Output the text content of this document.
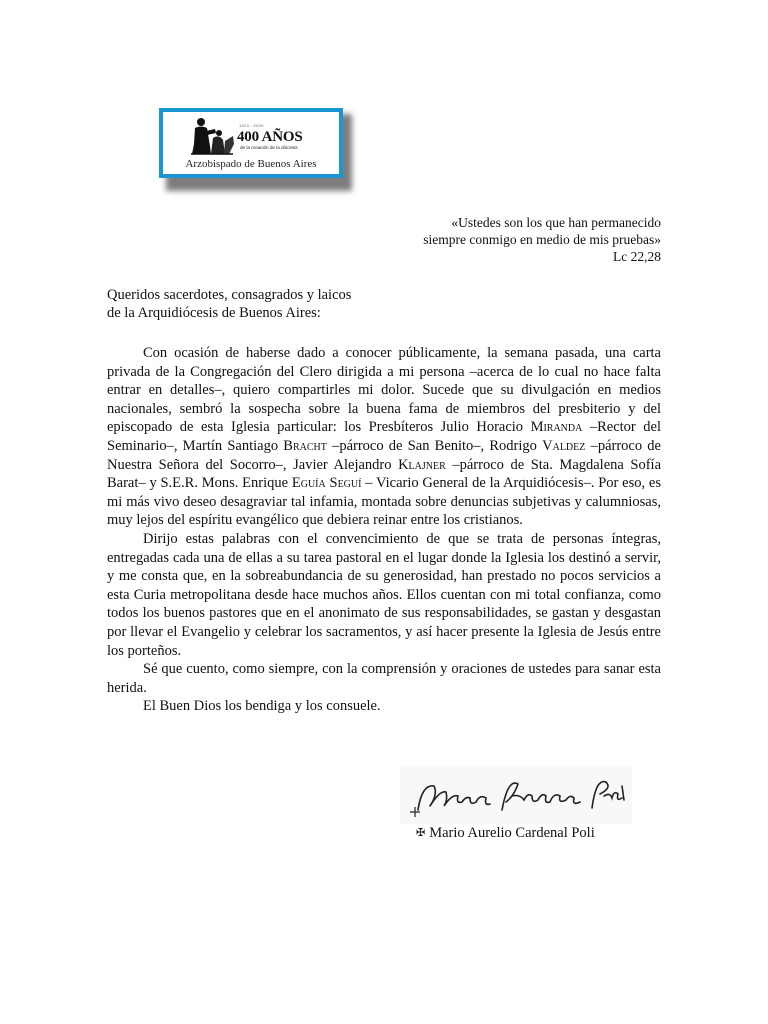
1620 - 2020
400 AÑOS
de la creación de la diócesis
Arzobispado de Buenos Aires
«Ustedes son los que han permanecido
siempre conmigo en medio de mis pruebas»
Lc 22,28
Queridos sacerdotes, consagrados y laicos
de la Arquidiócesis de Buenos Aires:

Con ocasión de haberse dado a conocer públicamente, la semana pasada, una carta privada de la Congregación del Clero dirigida a mi persona –acerca de lo cual no hace falta entrar en detalles–, quiero compartirles mi dolor. Sucede que su divulgación en medios nacionales, sembró la sospecha sobre la buena fama de miembros del presbiterio y del episcopado de esta Iglesia particular: los Presbíteros Julio Horacio Miranda –Rector del Seminario–, Martín Santiago Bracht –párroco de San Benito–, Rodrigo Valdez –párroco de Nuestra Señora del Socorro–, Javier Alejandro Klajner –párroco de Sta. Magdalena Sofía Barat– y S.E.R. Mons. Enrique Eguía Seguí – Vicario General de la Arquidiócesis–. Por eso, es mi más vivo deseo desagraviar tal infamia, montada sobre denuncias subjetivas y calumniosas, muy lejos del espíritu evangélico que debiera reinar entre los cristianos.

Dirijo estas palabras con el convencimiento de que se trata de personas íntegras, entregadas cada una de ellas a su tarea pastoral en el lugar donde la Iglesia los destinó a servir, y me consta que, en la sobreabundancia de su generosidad, han prestado no pocos servicios a esta Curia metropolitana desde hace muchos años. Ellos cuentan con mi total confianza, como todos los buenos pastores que en el anonimato de sus responsabilidades, se gastan y desgastan por llevar el Evangelio y celebrar los sacramentos, y así hacer presente la Iglesia de Jesús entre los porteños.

Sé que cuento, como siempre, con la comprensión y oraciones de ustedes para sanar esta herida.

El Buen Dios los bendiga y los consuele.

✠ Mario Aurelio Cardenal Poli
